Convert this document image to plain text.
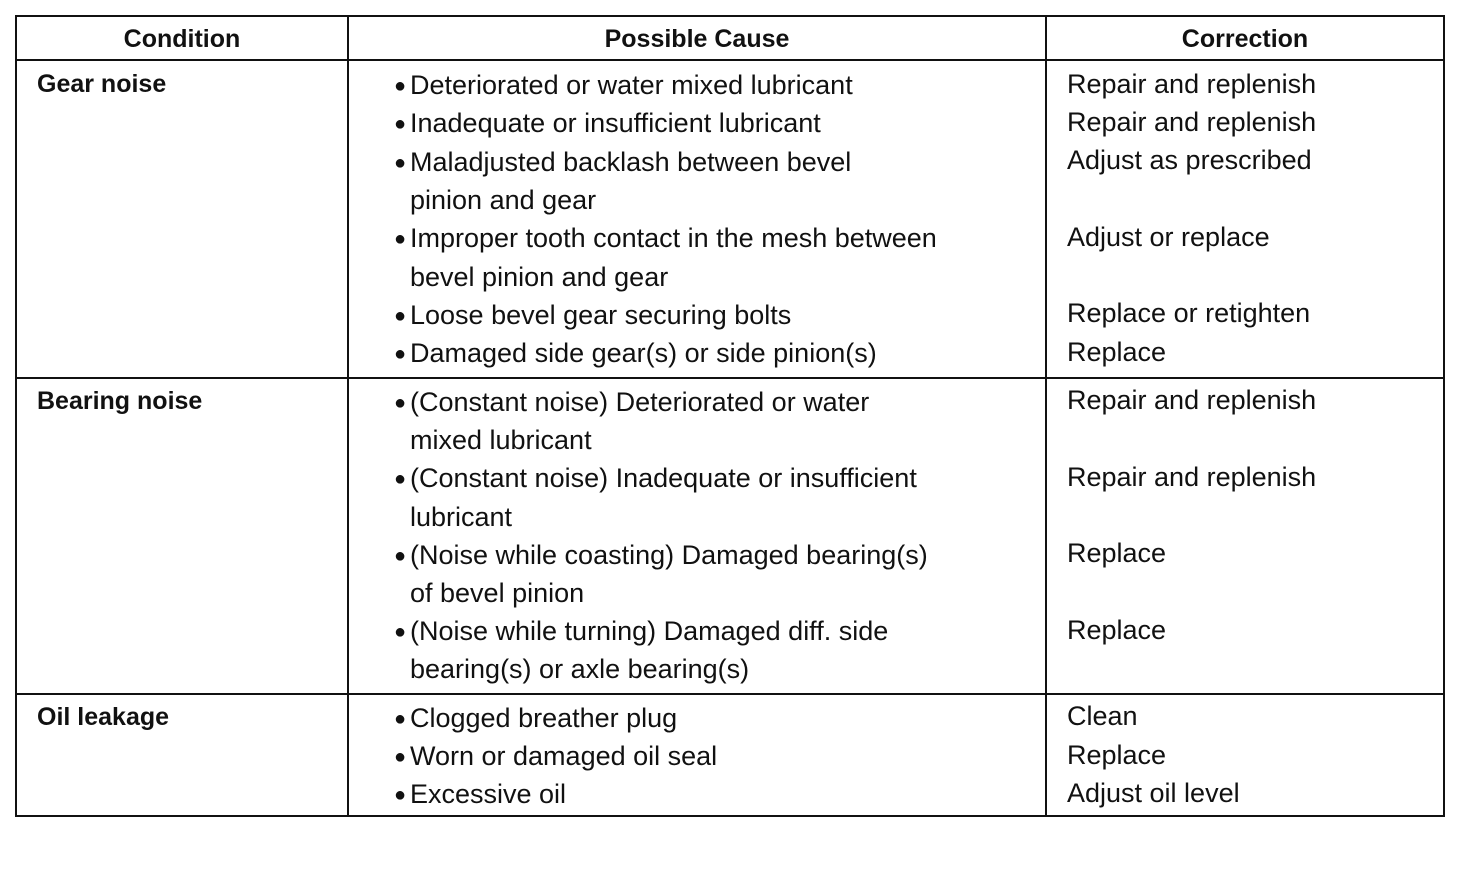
Condition	Possible Cause	Correction
Gear noise
Bearing noise
Oil leakage
● Deteriorated or water mixed lubricant
● Inadequate or insufficient lubricant
● Maladjusted backlash between bevel
pinion and gear
● Improper tooth contact in the mesh between
bevel pinion and gear
● Loose bevel gear securing bolts
● Damaged side gear(s) or side pinion(s)
Repair and replenish
Repair and replenish
Adjust as prescribed
Adjust or replace
Replace or retighten
Replace
● (Constant noise) Deteriorated or water
mixed lubricant
● (Constant noise) Inadequate or insufficient
lubricant
● (Noise while coasting) Damaged bearing(s)
of bevel pinion
● (Noise while turning) Damaged diff. side
bearing(s) or axle bearing(s)
Repair and replenish
Repair and replenish
Replace
Replace
● Clogged breather plug
● Worn or damaged oil seal
● Excessive oil
Clean
Replace
Adjust oil level
